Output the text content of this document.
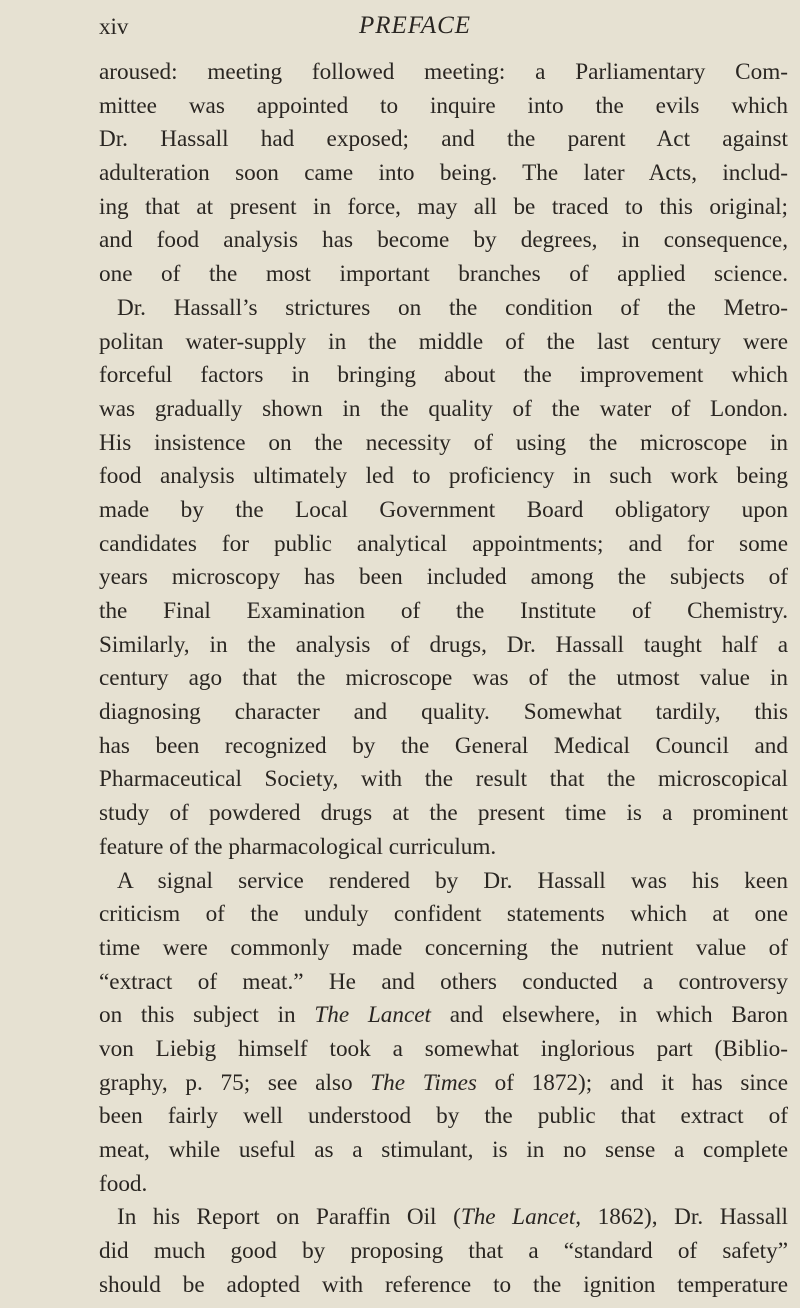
xiv	PREFACE
aroused: meeting followed meeting: a Parliamentary Com-
mittee was appointed to inquire into the evils which
Dr. Hassall had exposed; and the parent Act against
adulteration soon came into being. The later Acts, includ-
ing that at present in force, may all be traced to this original;
and food analysis has become by degrees, in consequence,
one of the most important branches of applied science.
Dr. Hassall’s strictures on the condition of the Metro-
politan water-supply in the middle of the last century were
forceful factors in bringing about the improvement which
was gradually shown in the quality of the water of London.
His insistence on the necessity of using the microscope in
food analysis ultimately led to proficiency in such work being
made by the Local Government Board obligatory upon
candidates for public analytical appointments; and for some
years microscopy has been included among the subjects of
the Final Examination of the Institute of Chemistry.
Similarly, in the analysis of drugs, Dr. Hassall taught half a
century ago that the microscope was of the utmost value in
diagnosing character and quality. Somewhat tardily, this
has been recognized by the General Medical Council and
Pharmaceutical Society, with the result that the microscopical
study of powdered drugs at the present time is a prominent
feature of the pharmacological curriculum.
A signal service rendered by Dr. Hassall was his keen
criticism of the unduly confident statements which at one
time were commonly made concerning the nutrient value of
“extract of meat.” He and others conducted a controversy
on this subject in The Lancet and elsewhere, in which Baron
von Liebig himself took a somewhat inglorious part (Biblio-
graphy, p. 75; see also The Times of 1872); and it has since
been fairly well understood by the public that extract of
meat, while useful as a stimulant, is in no sense a complete
food.
In his Report on Paraffin Oil (The Lancet, 1862), Dr. Hassall
did much good by proposing that a “standard of safety”
should be adopted with reference to the ignition temperature
